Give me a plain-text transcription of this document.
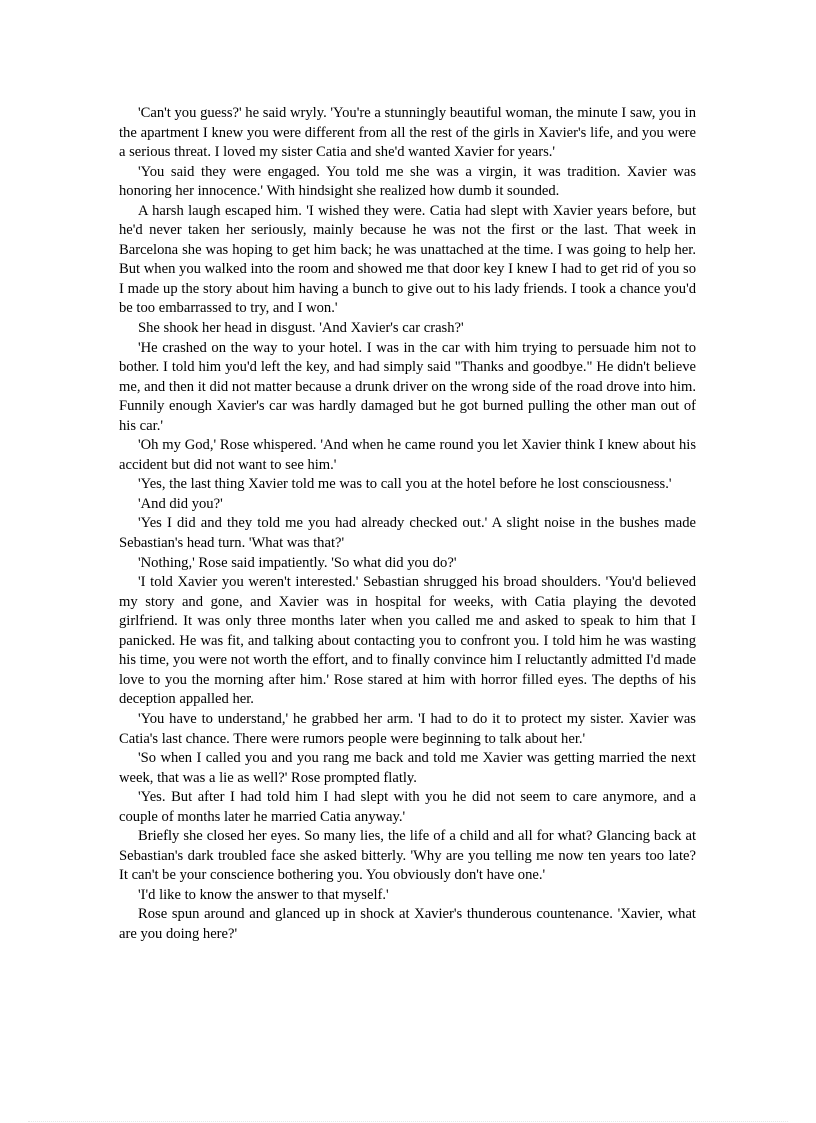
'Can't you guess?' he said wryly. 'You're a stunningly beautiful woman, the minute I saw, you in the apartment I knew you were different from all the rest of the girls in Xavier's life, and you were a serious threat. I loved my sister Catia and she'd wanted Xavier for years.'

'You said they were engaged. You told me she was a virgin, it was tradition. Xavier was honoring her innocence.' With hindsight she realized how dumb it sounded.

A harsh laugh escaped him. 'I wished they were. Catia had slept with Xavier years before, but he'd never taken her seriously, mainly because he was not the first or the last. That week in Barcelona she was hoping to get him back; he was unattached at the time. I was going to help her. But when you walked into the room and showed me that door key I knew I had to get rid of you so I made up the story about him having a bunch to give out to his lady friends. I took a chance you'd be too embarrassed to try, and I won.'

She shook her head in disgust. 'And Xavier's car crash?'

'He crashed on the way to your hotel. I was in the car with him trying to persuade him not to bother. I told him you'd left the key, and had simply said "Thanks and goodbye." He didn't believe me, and then it did not matter because a drunk driver on the wrong side of the road drove into him. Funnily enough Xavier's car was hardly damaged but he got burned pulling the other man out of his car.'

'Oh my God,' Rose whispered. 'And when he came round you let Xavier think I knew about his accident but did not want to see him.'

'Yes, the last thing Xavier told me was to call you at the hotel before he lost consciousness.'

'And did you?'

'Yes I did and they told me you had already checked out.' A slight noise in the bushes made Sebastian's head turn. 'What was that?'

'Nothing,' Rose said impatiently. 'So what did you do?'

'I told Xavier you weren't interested.' Sebastian shrugged his broad shoulders. 'You'd believed my story and gone, and Xavier was in hospital for weeks, with Catia playing the devoted girlfriend. It was only three months later when you called me and asked to speak to him that I panicked. He was fit, and talking about contacting you to confront you. I told him he was wasting his time, you were not worth the effort, and to finally convince him I reluctantly admitted I'd made love to you the morning after him.' Rose stared at him with horror filled eyes. The depths of his deception appalled her.

'You have to understand,' he grabbed her arm. 'I had to do it to protect my sister. Xavier was Catia's last chance. There were rumors people were beginning to talk about her.'

'So when I called you and you rang me back and told me Xavier was getting married the next week, that was a lie as well?' Rose prompted flatly.

'Yes. But after I had told him I had slept with you he did not seem to care anymore, and a couple of months later he married Catia anyway.'

Briefly she closed her eyes. So many lies, the life of a child and all for what? Glancing back at Sebastian's dark troubled face she asked bitterly. 'Why are you telling me now ten years too late? It can't be your conscience bothering you. You obviously don't have one.'

'I'd like to know the answer to that myself.'

Rose spun around and glanced up in shock at Xavier's thunderous countenance. 'Xavier, what are you doing here?'
